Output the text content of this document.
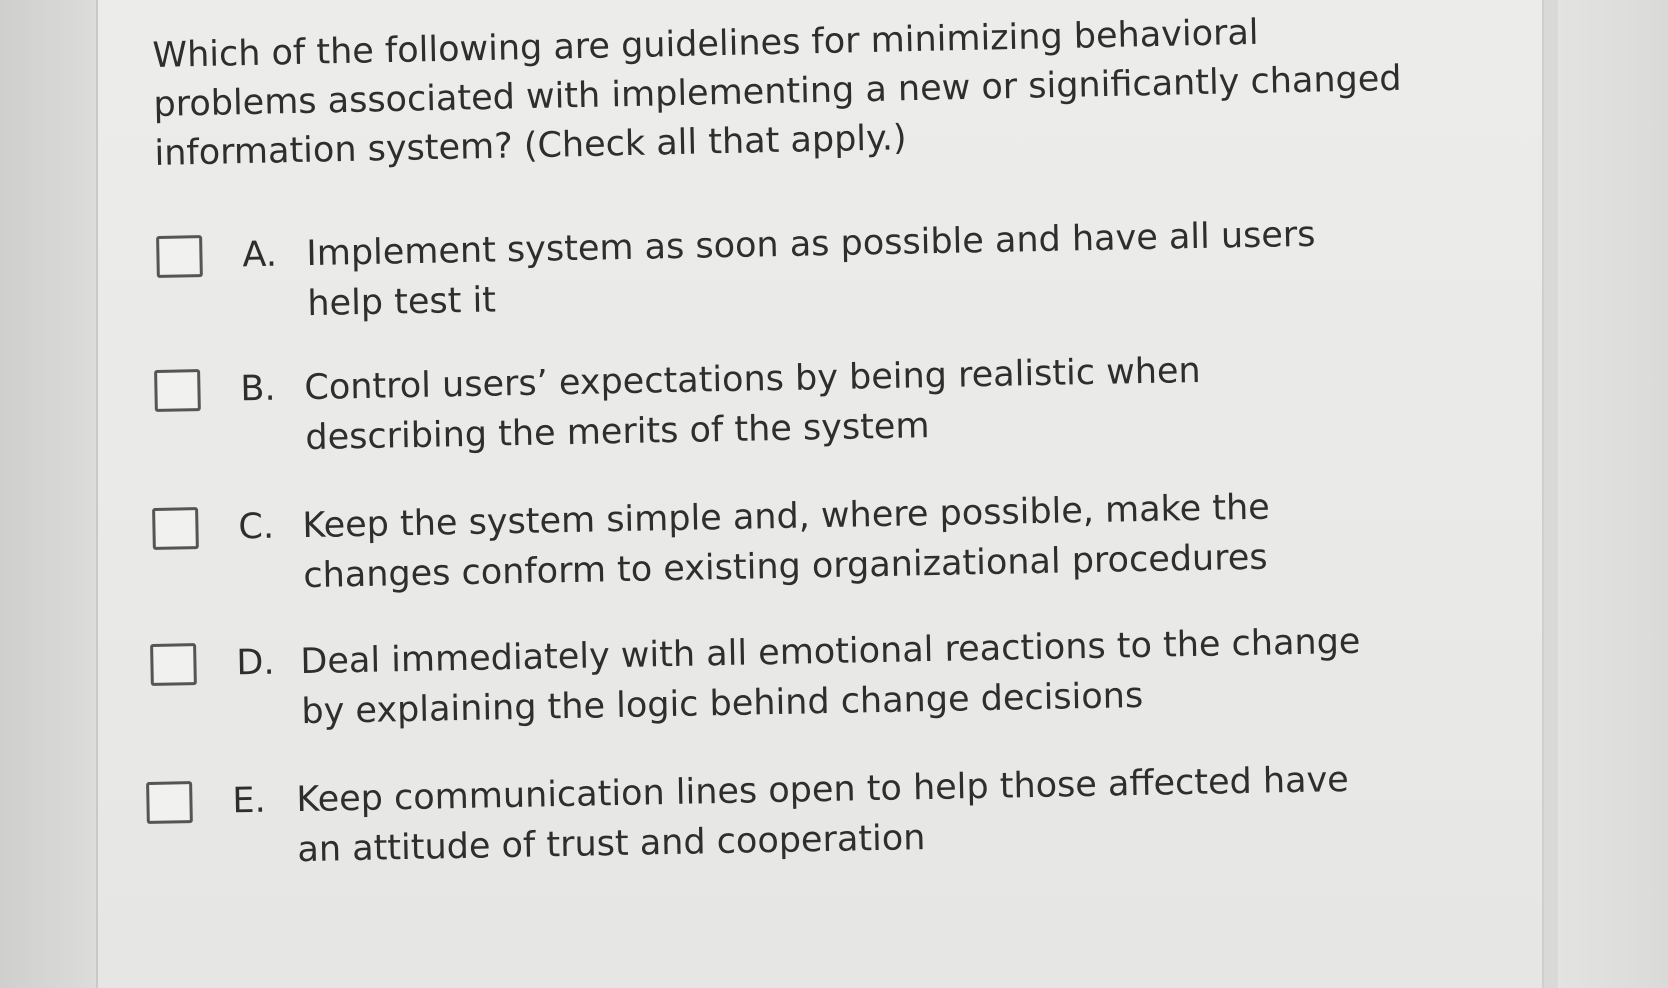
Which of the following are guidelines for minimizing behavioral problems associated with implementing a new or significantly changed information system? (Check all that apply.)

A. Implement system as soon as possible and have all users help test it
B. Control users’ expectations by being realistic when describing the merits of the system
C. Keep the system simple and, where possible, make the changes conform to existing organizational procedures
D. Deal immediately with all emotional reactions to the change by explaining the logic behind change decisions
E. Keep communication lines open to help those affected have an attitude of trust and cooperation
